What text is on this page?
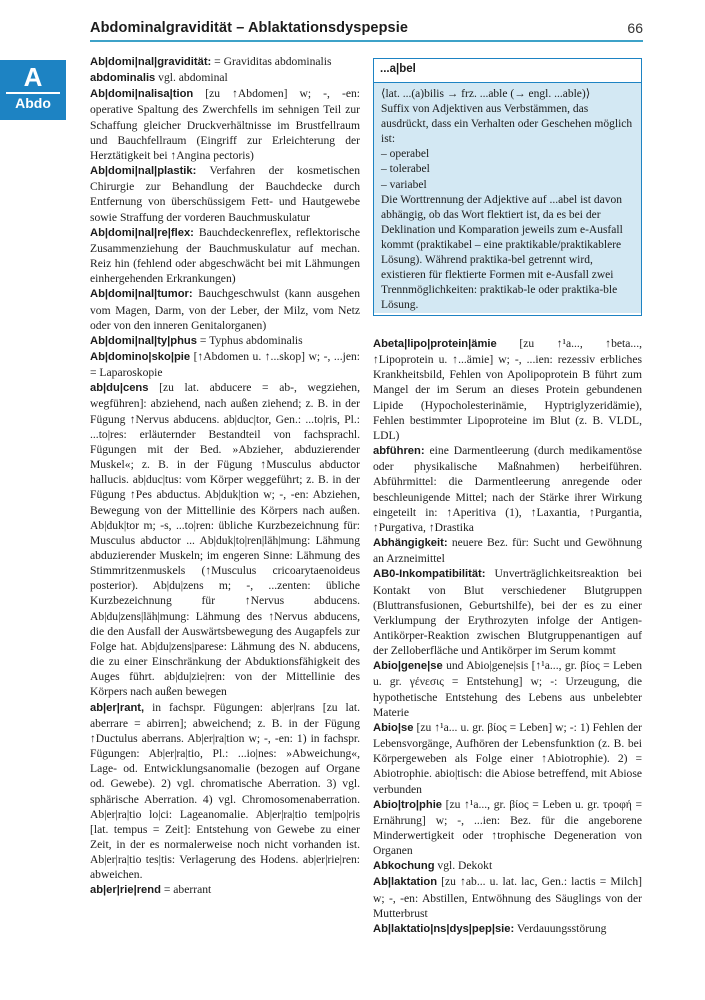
Abdominalgravidität – Ablaktationsdyspepsie	66
A
Abdo

Ab|domi|nal|gravidität: = Graviditas abdominalis

abdominalis vgl. abdominal

Ab|domi|nalisa|tion [zu ↑Abdomen] w; -, -en: operative Spaltung des Zwerchfells im sehnigen Teil zur Schaffung gleicher Druckverhältnisse im Brustfellraum und Bauchfellraum (Eingriff zur Erleichterung der Herztätigkeit bei ↑Angina pectoris)

Ab|domi|nal|plastik: Verfahren der kosmetischen Chirurgie zur Behandlung der Bauchdecke durch Entfernung von überschüssigem Fett- und Hautgewebe sowie Straffung der vorderen Bauchmuskulatur

Ab|domi|nal|re|flex: Bauchdeckenreflex, reflektorische Zusammenziehung der Bauchmuskulatur auf mechan. Reiz hin (fehlend oder abgeschwächt bei mit Lähmungen einhergehenden Erkrankungen)

Ab|domi|nal|tumor: Bauchgeschwulst (kann ausgehen vom Magen, Darm, von der Leber, der Milz, vom Netz oder von den inneren Genitalorganen)

Ab|domi|nal|ty|phus = Typhus abdominalis

Ab|domino|sko|pie [↑Abdomen u. ↑...skop] w; -, ...jen: = Laparoskopie

ab|du|cens [zu lat. abducere = ab-, wegziehen, wegführen]: abziehend, nach außen ziehend; z. B. in der Fügung ↑Nervus abducens. ab|duc|tor, Gen.: ...to|ris, Pl.: ...to|res: erläuternder Bestandteil von fachsprachl. Fügungen mit der Bed. »Abzieher, abduzierender Muskel«; z. B. in der Fügung ↑Musculus abductor hallucis. ab|duc|tus: vom Körper weggeführt; z. B. in der Fügung ↑Pes abductus. Ab|duk|tion w; -, -en: Abziehen, Bewegung von der Mittellinie des Körpers nach außen. Ab|duk|tor m; -s, ...to|ren: übliche Kurzbezeichnung für: Musculus abductor ... Ab|duk|to|ren|läh|mung: Lähmung abduzierender Muskeln; im engeren Sinne: Lähmung des Stimmritzenmuskels (↑Musculus cricoarytaenoideus posterior). Ab|du|zens m; -, ...zenten: übliche Kurzbezeichnung für ↑Nervus abducens. Ab|du|zens|läh|mung: Lähmung des ↑Nervus abducens, die den Ausfall der Auswärtsbewegung des Augapfels zur Folge hat. Ab|du|zens|parese: Lähmung des N. abducens, die zu einer Einschränkung der Abduktionsfähigkeit des Auges führt. ab|du|zie|ren: von der Mittellinie des Körpers nach außen bewegen

ab|er|rant, in fachspr. Fügungen: ab|er|rans [zu lat. aberrare = abirren]; abweichend; z. B. in der Fügung ↑Ductulus aberrans. Ab|er|ra|tion w; -, -en: 1) in fachspr. Fügungen: Ab|er|ra|tio, Pl.: ...io|nes: »Abweichung«, Lage- od. Entwicklungsanomalie (bezogen auf Organe od. Gewebe). 2) vgl. chromatische Aberration. 3) vgl. sphärische Aberration. 4) vgl. Chromosomenaberration. Ab|er|ra|tio lo|ci: Lageanomalie. Ab|er|ra|tio tem|po|ris [lat. tempus = Zeit]: Entstehung von Gewebe zu einer Zeit, in der es normalerweise noch nicht vorhanden ist. Ab|er|ra|tio tes|tis: Verlagerung des Hodens. ab|er|rie|ren: abweichen.

ab|er|rie|rend = aberrant

...a|bel

⟨lat. ...(a)bilis → frz. ...able (→ engl. ...able)⟩

Suffix von Adjektiven aus Verbstämmen, das ausdrückt, dass ein Verhalten oder Geschehen möglich ist:

– operabel

– tolerabel

– variabel

Die Worttrennung der Adjektive auf ...abel ist davon abhängig, ob das Wort flektiert ist, da es bei der Deklination und Komparation jeweils zum e-Ausfall kommt (praktikabel – eine praktikable/praktikablere Lösung). Während praktika-bel getrennt wird, existieren für flektierte Formen mit e-Ausfall zwei Trennmöglichkeiten: praktikab-le oder praktika-ble Lösung.

Abeta|lipo|protein|ämie [zu ↑¹a..., ↑beta..., ↑Lipoprotein u. ↑...ämie] w; -, ...ien: rezessiv erbliches Krankheitsbild, Fehlen von Apolipoprotein B führt zum Mangel der im Serum an dieses Protein gebundenen Lipide (Hypocholesterinämie, Hyptriglyzeridämie), Fehlen bestimmter Lipoproteine im Blut (z. B. VLDL, LDL)

abführen: eine Darmentleerung (durch medikamentöse oder physikalische Maßnahmen) herbeiführen. Abführmittel: die Darmentleerung anregende oder beschleunigende Mittel; nach der Stärke ihrer Wirkung eingeteilt in: ↑Aperitiva (1), ↑Laxantia, ↑Purgantia, ↑Purgativa, ↑Drastika

Abhängigkeit: neuere Bez. für: Sucht und Gewöhnung an Arzneimittel

AB0-Inkompatibilität: Unverträglichkeitsreaktion bei Kontakt von Blut verschiedener Blutgruppen (Bluttransfusionen, Geburtshilfe), bei der es zu einer Verklumpung der Erythrozyten infolge der Antigen-Antikörper-Reaktion zwischen Blutgruppenantigen auf der Zelloberfläche und Antikörper im Serum kommt

Abio|gene|se und Abio|gene|sis [↑¹a..., gr. βίος = Leben u. gr. γένεσις = Entstehung] w; -: Urzeugung, die hypothetische Entstehung des Lebens aus unbelebter Materie

Abio|se [zu ↑¹a... u. gr. βίος = Leben] w; -: 1) Fehlen der Lebensvorgänge, Aufhören der Lebensfunktion (z. B. bei Körpergeweben als Folge einer ↑Abiotrophie). 2) = Abiotrophie. abio|tisch: die Abiose betreffend, mit Abiose verbunden

Abio|tro|phie [zu ↑¹a..., gr. βίος = Leben u. gr. τροφή = Ernährung] w; -, ...ien: Bez. für die angeborene Minderwertigkeit oder ↑trophische Degeneration von Organen

Abkochung vgl. Dekokt

Ab|laktation [zu ↑ab... u. lat. lac, Gen.: lactis = Milch] w; -, -en: Abstillen, Entwöhnung des Säuglings von der Mutterbrust

Ab|laktatio|ns|dys|pep|sie: Verdauungsstörung
